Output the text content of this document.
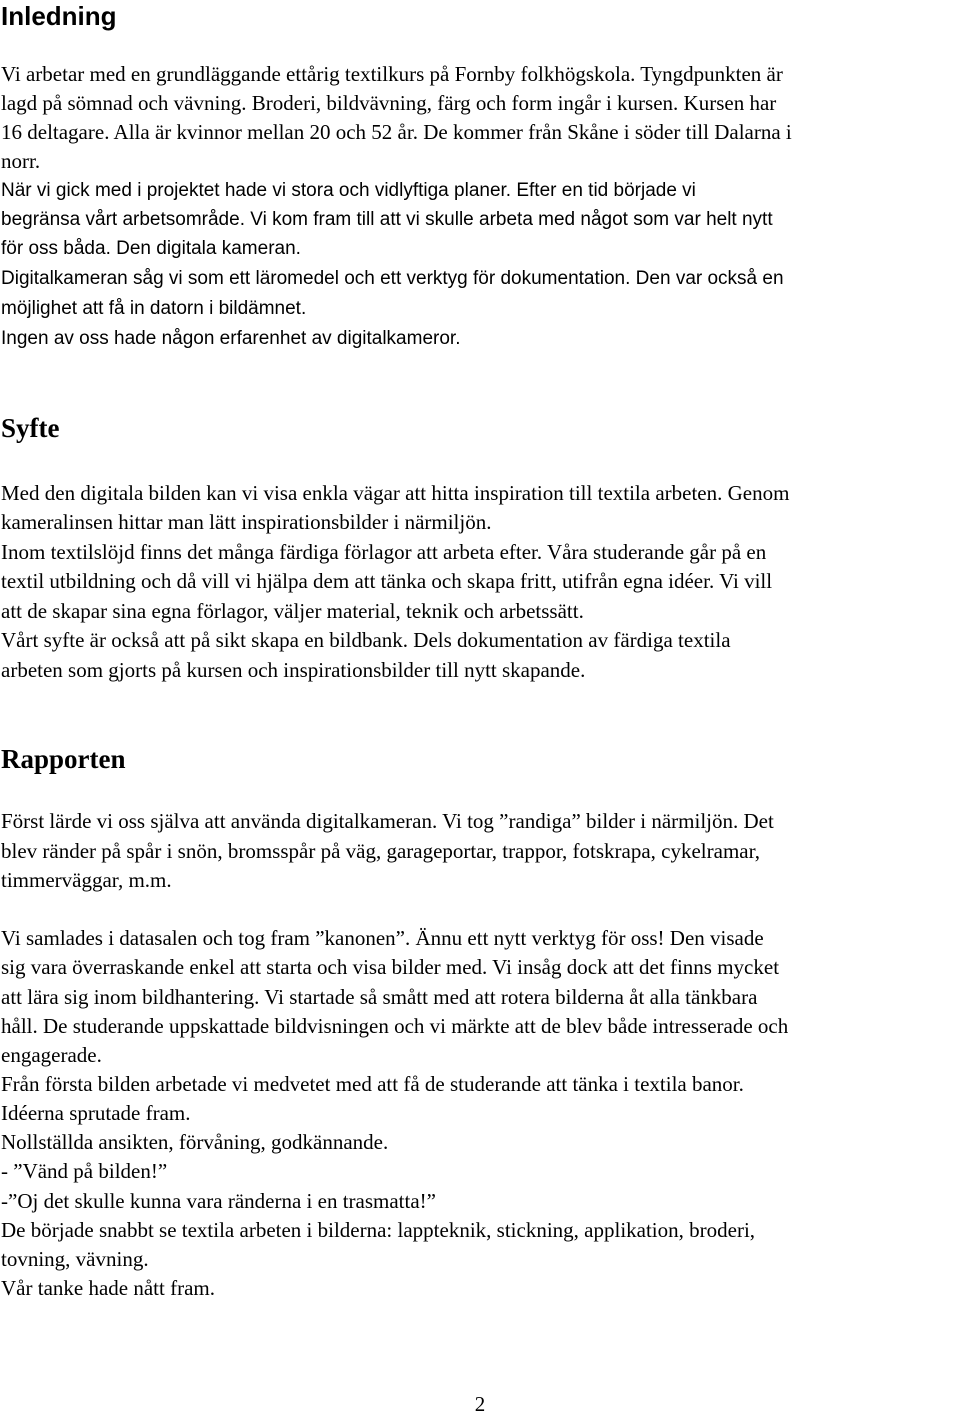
Inledning

Vi arbetar med en grundläggande ettårig textilkurs på Fornby folkhögskola. Tyngdpunkten är

lagd på sömnad och vävning. Broderi, bildvävning, färg och form ingår i kursen. Kursen har

16 deltagare. Alla är kvinnor mellan 20 och 52 år. De kommer från Skåne i söder till Dalarna i

norr.

När vi gick med i projektet hade vi stora och vidlyftiga planer. Efter en tid började vi

begränsa vårt arbetsområde. Vi kom fram till att vi skulle arbeta med något som var helt nytt

för oss båda. Den digitala kameran.

Digitalkameran såg vi som ett läromedel och ett verktyg för dokumentation. Den var också en

möjlighet att få in datorn i bildämnet.

Ingen av oss hade någon erfarenhet av digitalkameror.

Syfte

Med den digitala bilden kan vi visa enkla vägar att hitta inspiration till textila arbeten. Genom

kameralinsen hittar man lätt inspirationsbilder i närmiljön.

Inom textilslöjd finns det många färdiga förlagor att arbeta efter. Våra studerande går på en

textil utbildning och då vill vi hjälpa dem att tänka och skapa fritt, utifrån egna idéer. Vi vill

att de skapar sina egna förlagor, väljer material, teknik och arbetssätt.

Vårt syfte är också att på sikt skapa en bildbank. Dels dokumentation av färdiga textila

arbeten som gjorts på kursen och inspirationsbilder till nytt skapande.

Rapporten

Först lärde vi oss själva att använda digitalkameran. Vi tog ”randiga” bilder i närmiljön. Det

blev ränder på spår i snön, bromsspår på väg, garageportar, trappor, fotskrapa, cykelramar,

timmerväggar, m.m.

Vi samlades i datasalen och tog fram ”kanonen”. Ännu ett nytt verktyg för oss! Den visade

sig vara överraskande enkel att starta och visa bilder med. Vi insåg dock att det finns mycket

att lära sig inom bildhantering. Vi startade så smått med att rotera bilderna åt alla tänkbara

håll. De studerande uppskattade bildvisningen och vi märkte att de blev både intresserade och

engagerade.

Från första bilden arbetade vi medvetet med att få de studerande att tänka i textila banor.

Idéerna sprutade fram.

Nollställda ansikten, förvåning, godkännande.

- ”Vänd på bilden!”

-”Oj det skulle kunna vara ränderna i en trasmatta!”

De började snabbt se textila arbeten i bilderna: lappteknik, stickning, applikation, broderi,

tovning, vävning.

Vår tanke hade nått fram.

2
